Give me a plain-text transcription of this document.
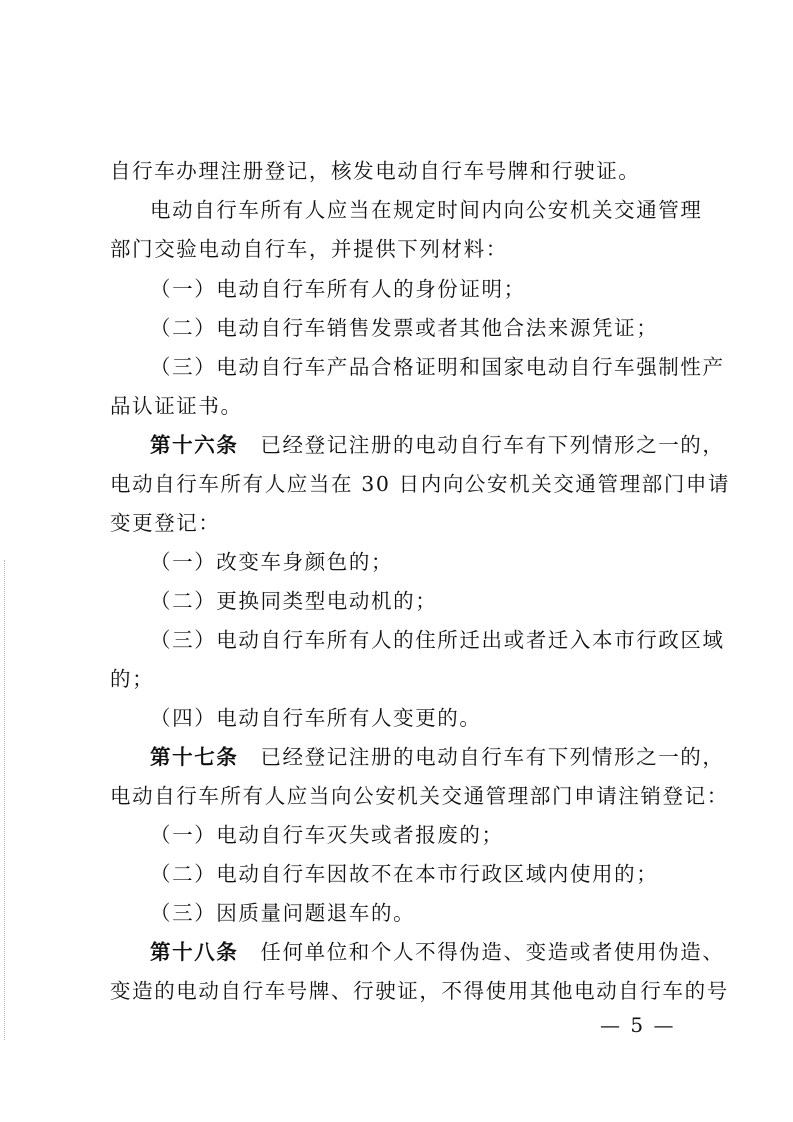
自行车办理注册登记，核发电动自行车号牌和行驶证。
电动自行车所有人应当在规定时间内向公安机关交通管理
部门交验电动自行车，并提供下列材料：
（一）电动自行车所有人的身份证明；
（二）电动自行车销售发票或者其他合法来源凭证；
（三）电动自行车产品合格证明和国家电动自行车强制性产
品认证证书。
第十六条 已经登记注册的电动自行车有下列情形之一的，
电动自行车所有人应当在 30 日内向公安机关交通管理部门申请
变更登记：
（一）改变车身颜色的；
（二）更换同类型电动机的；
（三）电动自行车所有人的住所迁出或者迁入本市行政区域
的；
（四）电动自行车所有人变更的。
第十七条 已经登记注册的电动自行车有下列情形之一的，
电动自行车所有人应当向公安机关交通管理部门申请注销登记：
（一）电动自行车灭失或者报废的；
（二）电动自行车因故不在本市行政区域内使用的；
（三）因质量问题退车的。
第十八条 任何单位和个人不得伪造、变造或者使用伪造、
变造的电动自行车号牌、行驶证，不得使用其他电动自行车的号
— 5 —
